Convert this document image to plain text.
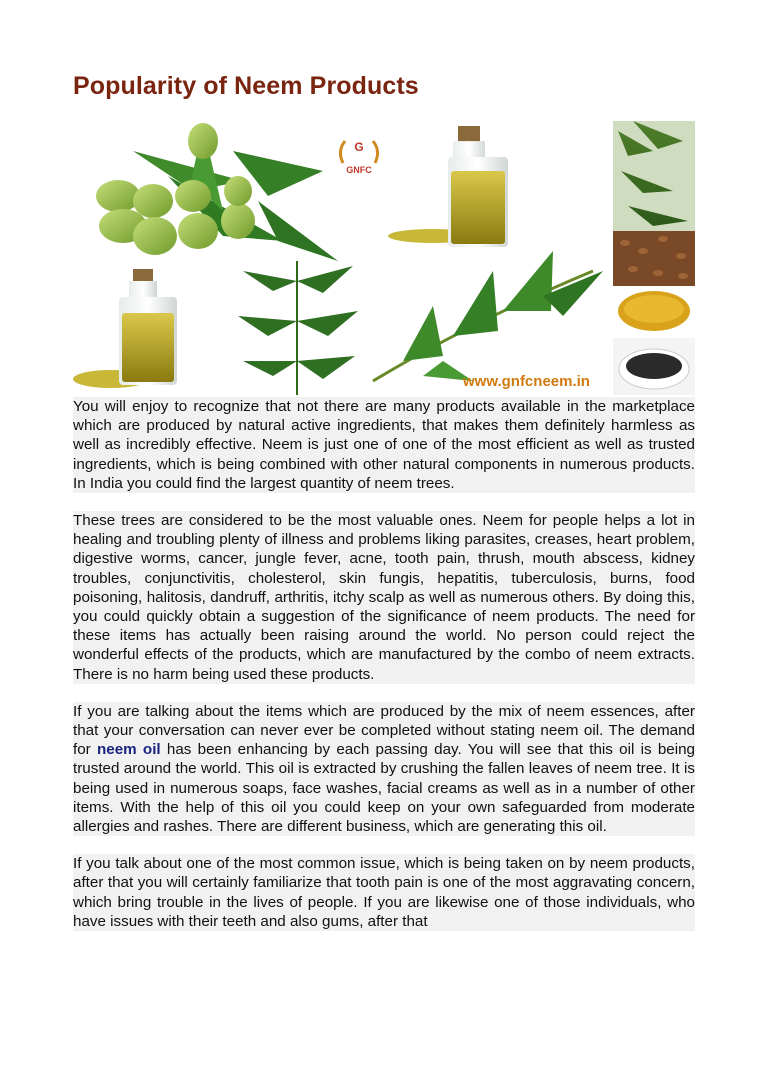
Popularity of Neem Products
G
GNFC
www.gnfcneem.in

You will enjoy to recognize that not there are many products available in the marketplace which are produced by natural active ingredients, that makes them definitely harmless as well as incredibly effective. Neem is just one of one of the most efficient as well as trusted ingredients, which is being combined with other natural components in numerous products. In India you could find the largest quantity of neem trees.

These trees are considered to be the most valuable ones. Neem for people helps a lot in healing and troubling plenty of illness and problems liking parasites, creases, heart problem, digestive worms, cancer, jungle fever, acne, tooth pain, thrush, mouth abscess, kidney troubles, conjunctivitis, cholesterol, skin fungis, hepatitis, tuberculosis, burns, food poisoning, halitosis, dandruff, arthritis, itchy scalp as well as numerous others. By doing this, you could quickly obtain a suggestion of the significance of neem products. The need for these items has actually been raising around the world. No person could reject the wonderful effects of the products, which are manufactured by the combo of neem extracts. There is no harm being used these products.

If you are talking about the items which are produced by the mix of neem essences, after that your conversation can never ever be completed without stating neem oil. The demand for neem oil has been enhancing by each passing day. You will see that this oil is being trusted around the world. This oil is extracted by crushing the fallen leaves of neem tree. It is being used in numerous soaps, face washes, facial creams as well as in a number of other items. With the help of this oil you could keep on your own safeguarded from moderate allergies and rashes. There are different business, which are generating this oil.

If you talk about one of the most common issue, which is being taken on by neem products, after that you will certainly familiarize that tooth pain is one of the most aggravating concern, which bring trouble in the lives of people. If you are likewise one of those individuals, who have issues with their teeth and also gums, after that
